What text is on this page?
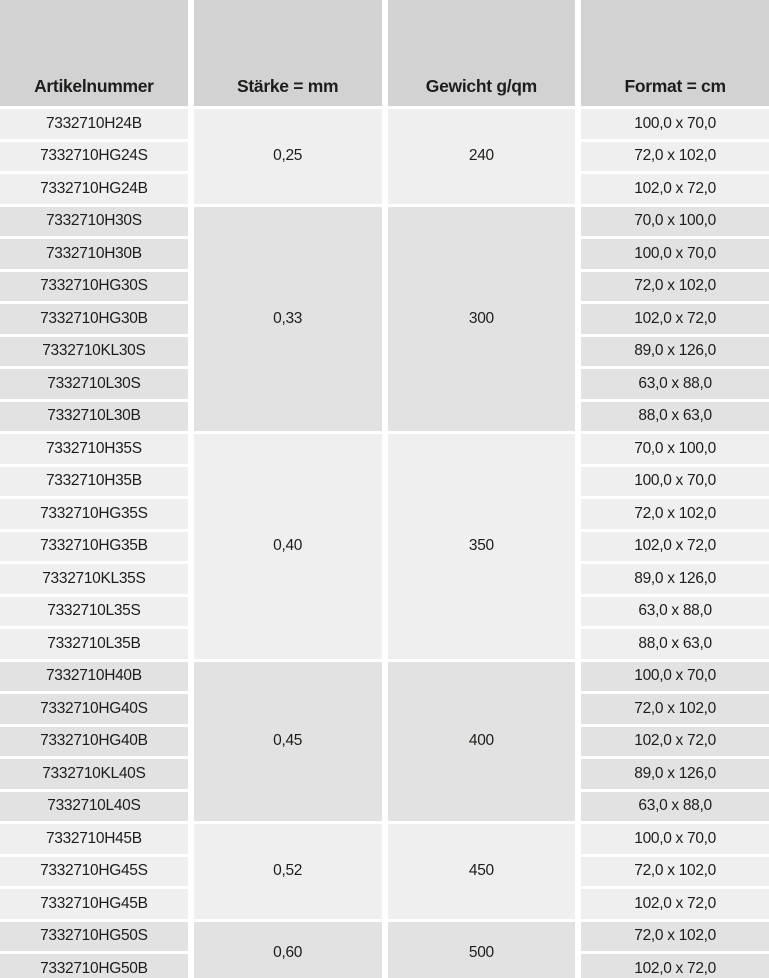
Artikelnummer	Stärke = mm	Gewicht g/qm	Format = cm
7332710H24B	0,25	240	100,0 x 70,0
7332710HG24S			72,0 x 102,0
7332710HG24B			102,0 x 72,0
7332710H30S	0,33	300	70,0 x 100,0
7332710H30B			100,0 x 70,0
7332710HG30S			72,0 x 102,0
7332710HG30B			102,0 x 72,0
7332710KL30S			89,0 x 126,0
7332710L30S			63,0 x 88,0
7332710L30B			88,0 x 63,0
7332710H35S	0,40	350	70,0 x 100,0
7332710H35B			100,0 x 70,0
7332710HG35S			72,0 x 102,0
7332710HG35B			102,0 x 72,0
7332710KL35S			89,0 x 126,0
7332710L35S			63,0 x 88,0
7332710L35B			88,0 x 63,0
7332710H40B	0,45	400	100,0 x 70,0
7332710HG40S			72,0 x 102,0
7332710HG40B			102,0 x 72,0
7332710KL40S			89,0 x 126,0
7332710L40S			63,0 x 88,0
7332710H45B	0,52	450	100,0 x 70,0
7332710HG45S			72,0 x 102,0
7332710HG45B			102,0 x 72,0
7332710HG50S	0,60	500	72,0 x 102,0
7332710HG50B			102,0 x 72,0
